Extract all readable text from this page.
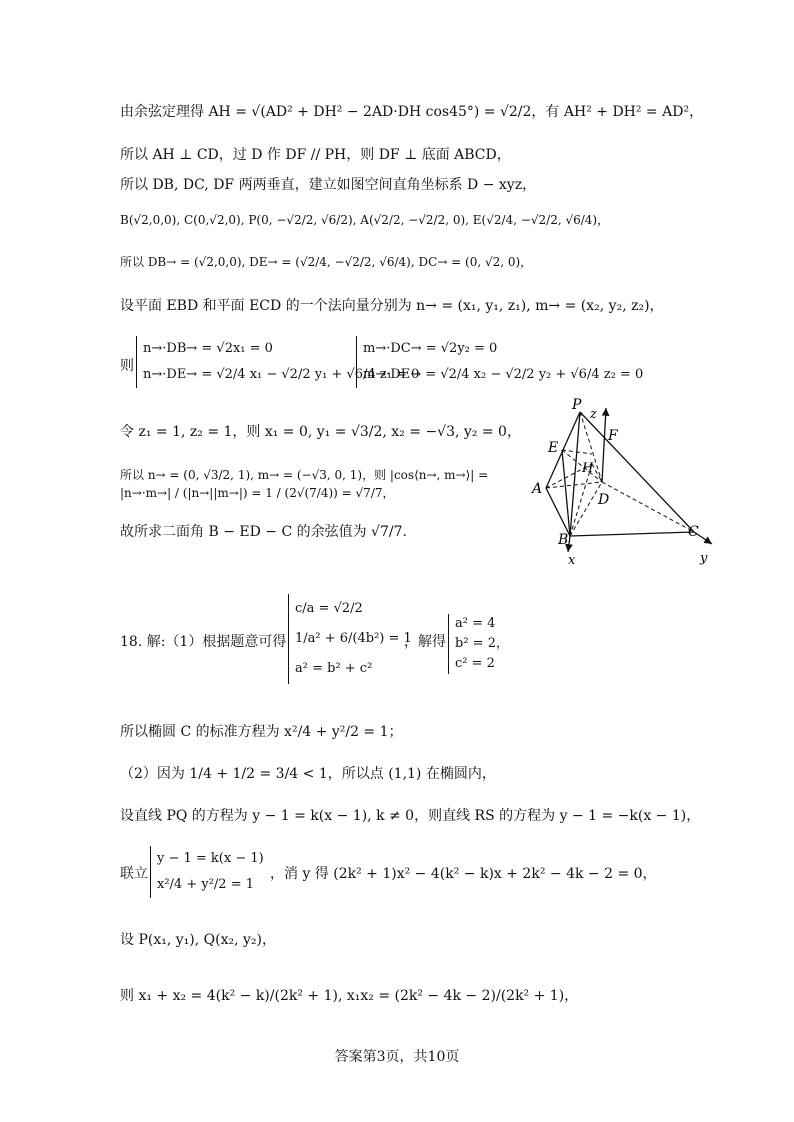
由余弦定理得 AH = √(AD² + DH² − 2AD·DH cos45°) = √2/2，有 AH² + DH² = AD²，
所以 AH ⊥ CD，过 D 作 DF // PH，则 DF ⊥ 底面 ABCD，
所以 DB, DC, DF 两两垂直，建立如图空间直角坐标系 D − xyz，
B(√2,0,0), C(0,√2,0), P(0, −√2/2, √6/2), A(√2/2, −√2/2, 0), E(√2/4, −√2/2, √6/4)，
所以 DB→ = (√2,0,0), DE→ = (√2/4, −√2/2, √6/4), DC→ = (0, √2, 0)，
设平面 EBD 和平面 ECD 的一个法向量分别为 n→ = (x₁, y₁, z₁), m→ = (x₂, y₂, z₂)，
则
n→·DB→ = √2x₁ = 0
n→·DE→ = √2/4 x₁ − √2/2 y₁ + √6/4 z₁ = 0
m→·DC→ = √2y₂ = 0
m→·DE→ = √2/4 x₂ − √2/2 y₂ + √6/4 z₂ = 0
令 z₁ = 1, z₂ = 1，则 x₁ = 0, y₁ = √3/2, x₂ = −√3, y₂ = 0，
所以 n→ = (0, √3/2, 1), m→ = (−√3, 0, 1)，则 |cos⟨n→, m→⟩| = |n→·m→| / (|n→||m→|) = 1 / (2√(7/4)) = √7/7，
故所求二面角 B − ED − C 的余弦值为 √7/7.
P
z
F
E
H
A
D
C
B
x	y
18. 解:（1）根据题意可得
c/a = √2/2
1/a² + 6/(4b²) = 1
a² = b² + c²
，解得
a² = 4
b² = 2，
c² = 2
所以椭圆 C 的标准方程为 x²/4 + y²/2 = 1；
（2）因为 1/4 + 1/2 = 3/4 < 1，所以点 (1,1) 在椭圆内，
设直线 PQ 的方程为 y − 1 = k(x − 1), k ≠ 0，则直线 RS 的方程为 y − 1 = −k(x − 1)，
联立
y − 1 = k(x − 1)
x²/4 + y²/2 = 1
，消 y 得 (2k² + 1)x² − 4(k² − k)x + 2k² − 4k − 2 = 0，
设 P(x₁, y₁), Q(x₂, y₂)，
则 x₁ + x₂ = 4(k² − k)/(2k² + 1), x₁x₂ = (2k² − 4k − 2)/(2k² + 1)，
答案第3页，共10页
